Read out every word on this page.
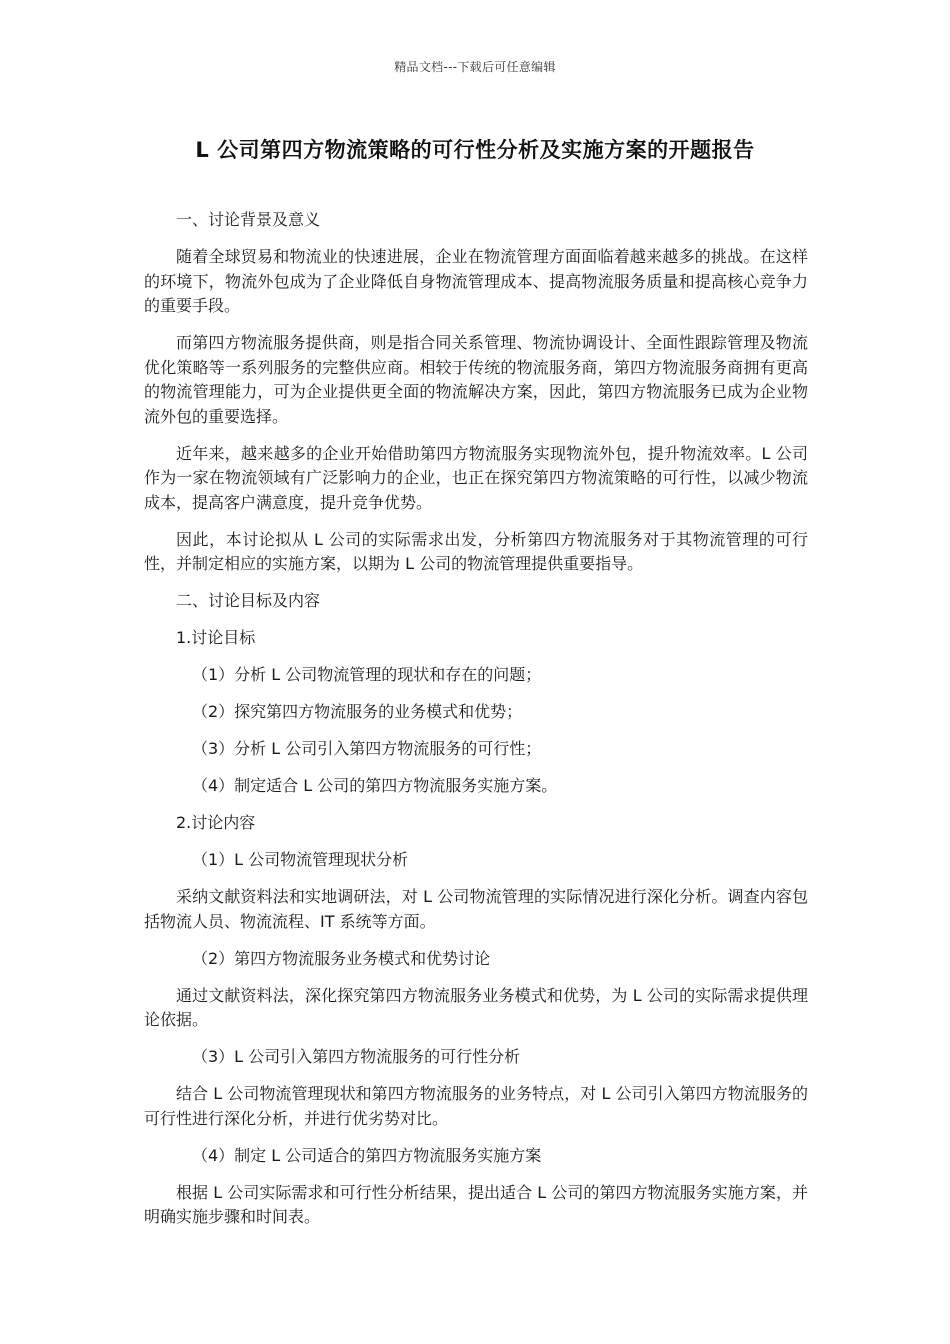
精品文档---下载后可任意编辑
L 公司第四方物流策略的可行性分析及实施方案的开题报告
一、讨论背景及意义
随着全球贸易和物流业的快速进展，企业在物流管理方面面临着越来越多的挑战。在这样的环境下，物流外包成为了企业降低自身物流管理成本、提高物流服务质量和提高核心竞争力的重要手段。
而第四方物流服务提供商，则是指合同关系管理、物流协调设计、全面性跟踪管理及物流优化策略等一系列服务的完整供应商。相较于传统的物流服务商，第四方物流服务商拥有更高的物流管理能力，可为企业提供更全面的物流解决方案，因此，第四方物流服务已成为企业物流外包的重要选择。
近年来，越来越多的企业开始借助第四方物流服务实现物流外包，提升物流效率。L 公司作为一家在物流领域有广泛影响力的企业，也正在探究第四方物流策略的可行性，以减少物流成本，提高客户满意度，提升竞争优势。
因此，本讨论拟从 L 公司的实际需求出发，分析第四方物流服务对于其物流管理的可行性，并制定相应的实施方案，以期为 L 公司的物流管理提供重要指导。
二、讨论目标及内容
1.讨论目标
（1）分析 L 公司物流管理的现状和存在的问题；
（2）探究第四方物流服务的业务模式和优势；
（3）分析 L 公司引入第四方物流服务的可行性；
（4）制定适合 L 公司的第四方物流服务实施方案。
2.讨论内容
（1）L 公司物流管理现状分析
采纳文献资料法和实地调研法，对 L 公司物流管理的实际情况进行深化分析。调查内容包括物流人员、物流流程、IT 系统等方面。
（2）第四方物流服务业务模式和优势讨论
通过文献资料法，深化探究第四方物流服务业务模式和优势，为 L 公司的实际需求提供理论依据。
（3）L 公司引入第四方物流服务的可行性分析
结合 L 公司物流管理现状和第四方物流服务的业务特点，对 L 公司引入第四方物流服务的可行性进行深化分析，并进行优劣势对比。
（4）制定 L 公司适合的第四方物流服务实施方案
根据 L 公司实际需求和可行性分析结果，提出适合 L 公司的第四方物流服务实施方案，并明确实施步骤和时间表。
